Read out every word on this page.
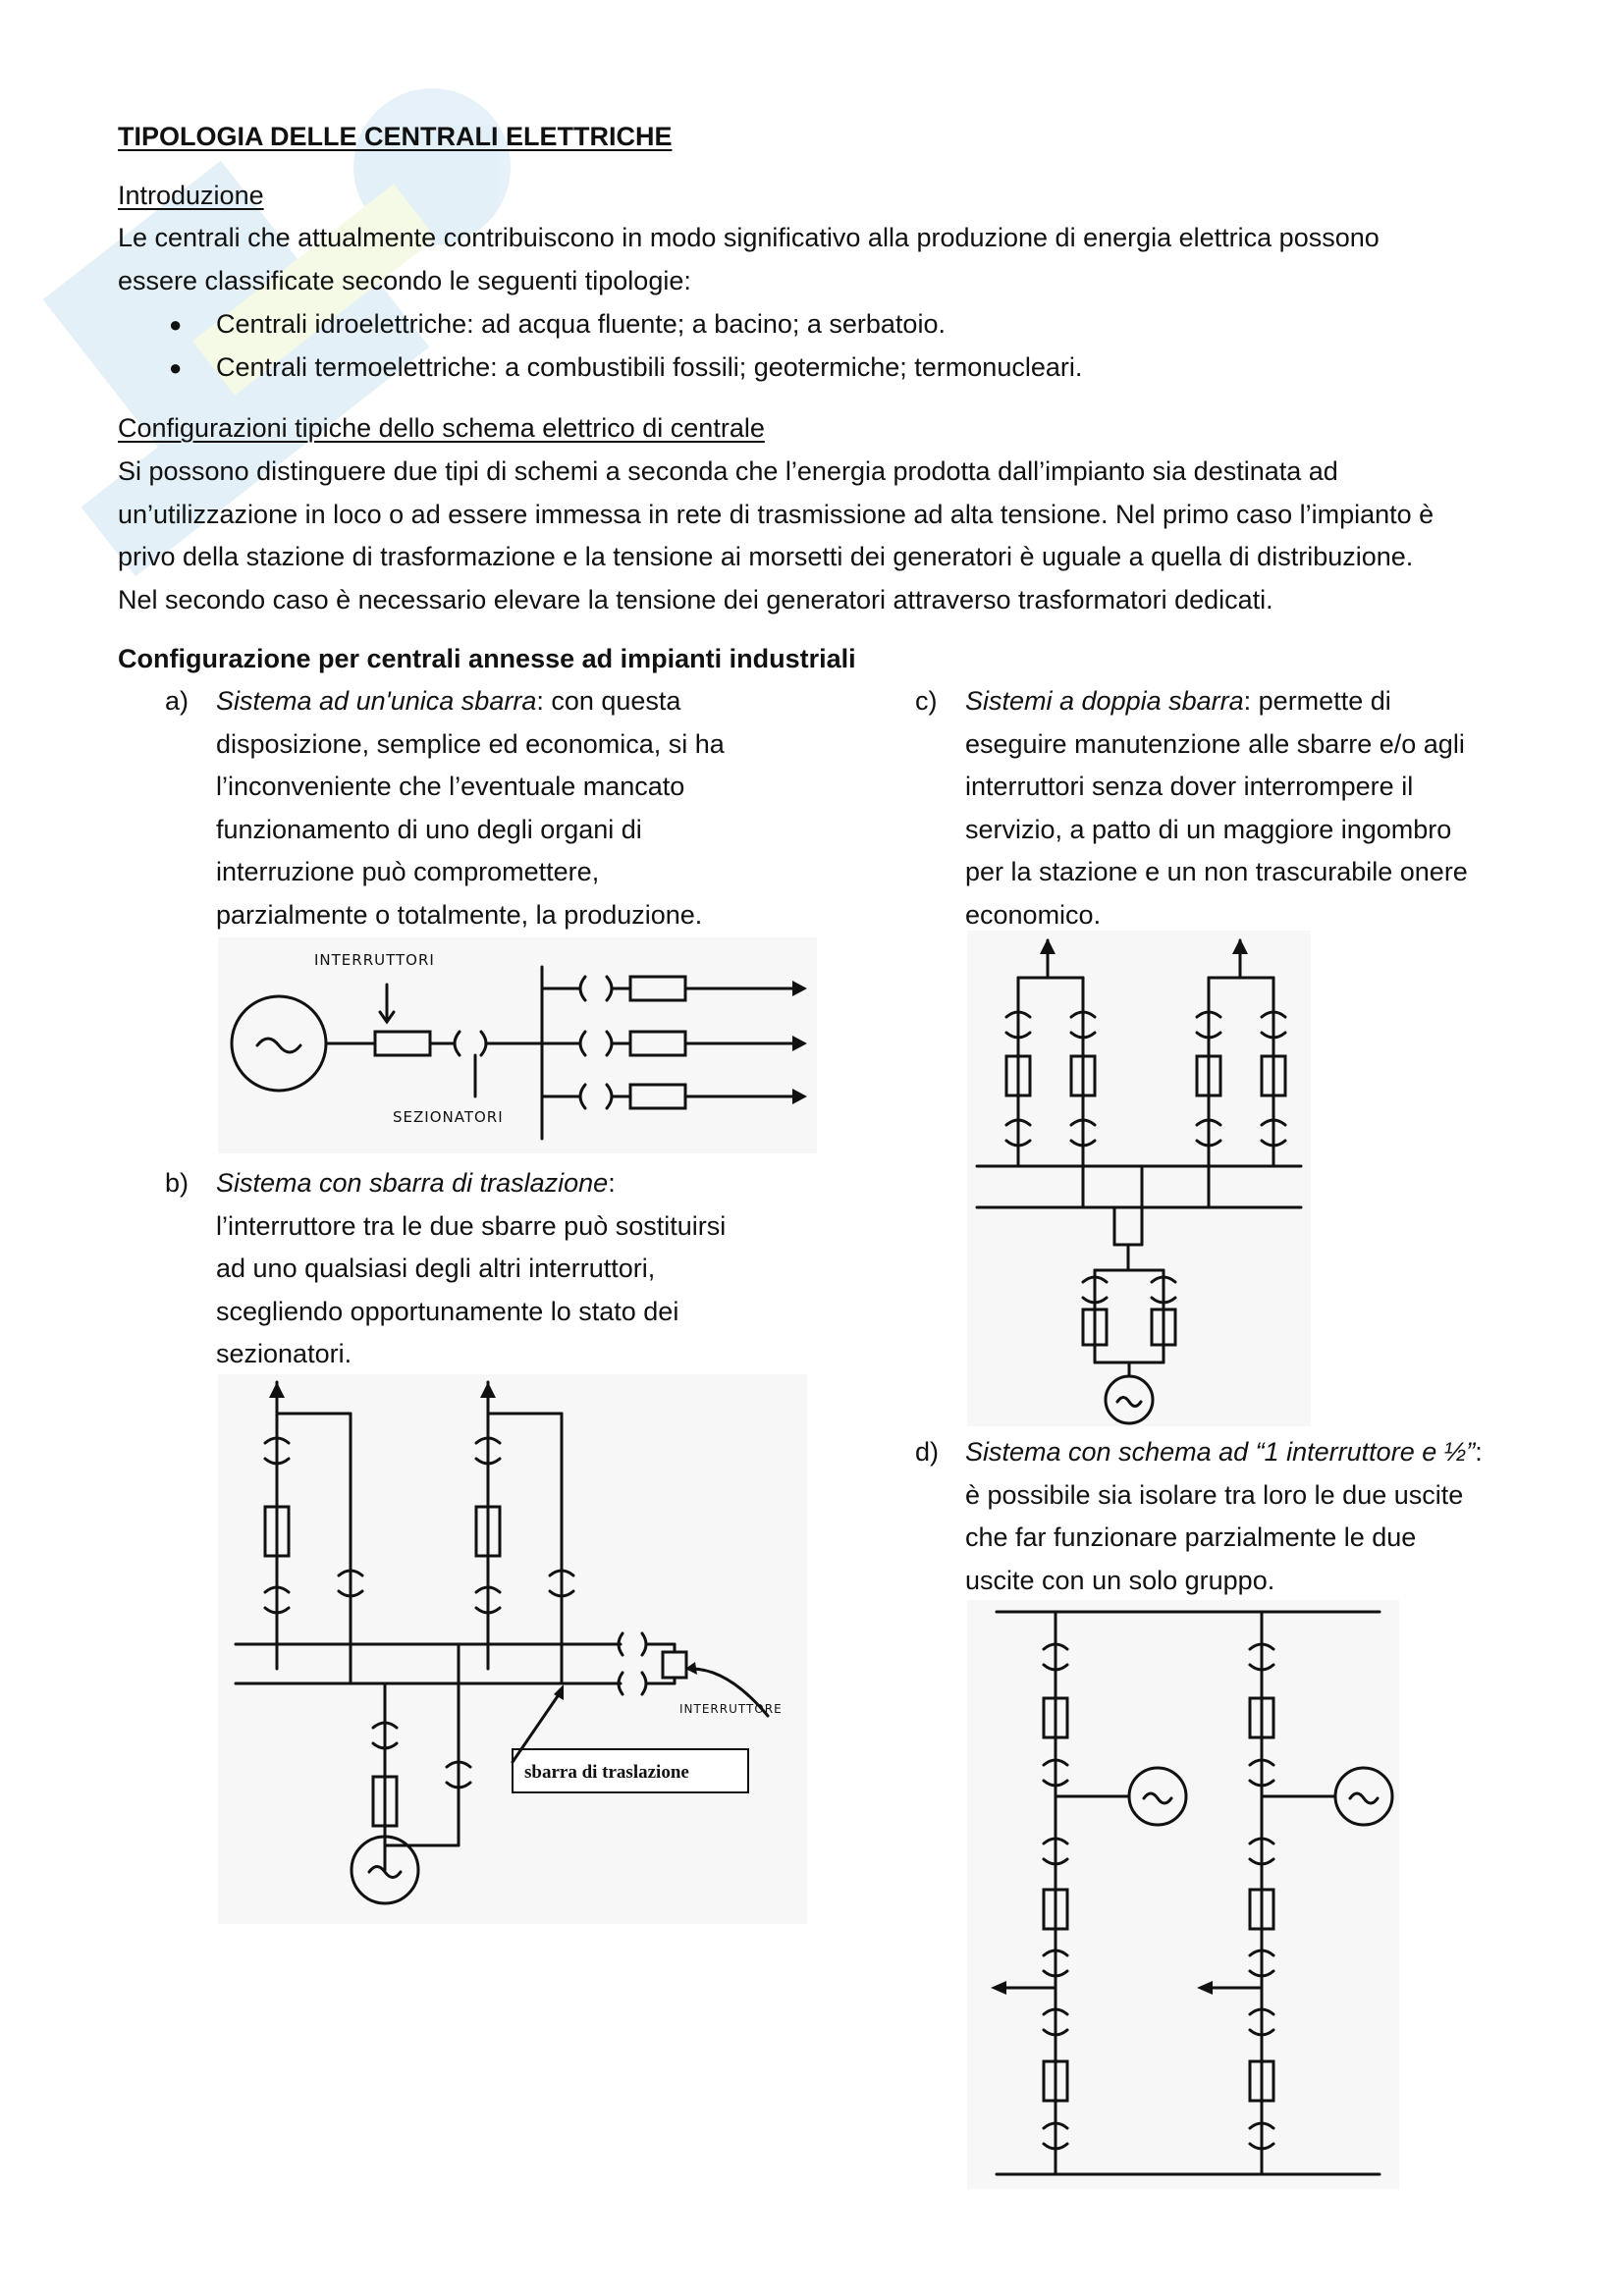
TIPOLOGIA DELLE CENTRALI ELETTRICHE
Introduzione
Le centrali che attualmente contribuiscono in modo significativo alla produzione di energia elettrica possono
essere classificate secondo le seguenti tipologie:
● Centrali idroelettriche: ad acqua fluente; a bacino; a serbatoio.
● Centrali termoelettriche: a combustibili fossili; geotermiche; termonucleari.
Configurazioni tipiche dello schema elettrico di centrale
Si possono distinguere due tipi di schemi a seconda che l’energia prodotta dall’impianto sia destinata ad
un’utilizzazione in loco o ad essere immessa in rete di trasmissione ad alta tensione. Nel primo caso l’impianto è
privo della stazione di trasformazione e la tensione ai morsetti dei generatori è uguale a quella di distribuzione.
Nel secondo caso è necessario elevare la tensione dei generatori attraverso trasformatori dedicati.
Configurazione per centrali annesse ad impianti industriali
a) Sistema ad un'unica sbarra: con questa
disposizione, semplice ed economica, si ha
l’inconveniente che l’eventuale mancato
funzionamento di uno degli organi di
interruzione può compromettere,
parzialmente o totalmente, la produzione.
INTERRUTTORI
SEZIONATORI
b) Sistema con sbarra di traslazione:
l’interruttore tra le due sbarre può sostituirsi
ad uno qualsiasi degli altri interruttori,
scegliendo opportunamente lo stato dei
sezionatori.
INTERRUTTORE
sbarra di traslazione
c) Sistemi a doppia sbarra: permette di
eseguire manutenzione alle sbarre e/o agli
interruttori senza dover interrompere il
servizio, a patto di un maggiore ingombro
per la stazione e un non trascurabile onere
economico.
d) Sistema con schema ad “1 interruttore e ½”:
è possibile sia isolare tra loro le due uscite
che far funzionare parzialmente le due
uscite con un solo gruppo.
